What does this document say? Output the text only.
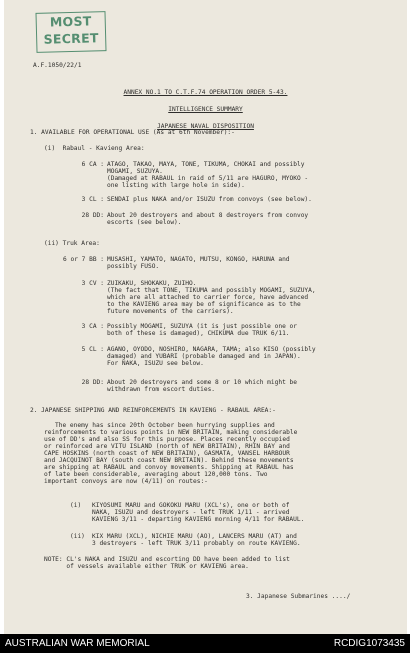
MOST
SECRET
A.F.1050/22/1
ANNEX NO.1 TO C.T.F.74 OPERATION ORDER 5-43.
INTELLIGENCE SUMMARY
JAPANESE NAVAL DISPOSITION
1. AVAILABLE FOR OPERATIONAL USE (As at 6th November):-
(i)  Rabaul - Kavieng Area:
6 CA : ATAGO, TAKAO, MAYA, TONE, TIKUMA, CHOKAI and possibly
MOGAMI, SUZUYA.
(Damaged at RABAUL in raid of 5/11 are HAGURO, MYOKO -
one listing with large hole in side).
3 CL : SENDAI plus NAKA and/or ISUZU from convoys (see below).
28 DD: About 20 destroyers and about 8 destroyers from convoy
escorts (see below).
(ii) Truk Area:
6 or 7 BB : MUSASHI, YAMATO, NAGATO, MUTSU, KONGO, HARUNA and
possibly FUSO.
3 CV : ZUIKAKU, SHOKAKU, ZUIHO.
(The fact that TONE, TIKUMA and possibly MOGAMI, SUZUYA,
which are all attached to carrier force, have advanced
to the KAVIENG area may be of significance as to the
future movements of the carriers).
3 CA : Possibly MOGAMI, SUZUYA (it is just possible one or
both of these is damaged), CHIKUMA due TRUK 6/11.
5 CL : AGANO, OYODO, NOSHIRO, NAGARA, TAMA; also KISO (possibly
damaged) and YUBARI (probable damaged and in JAPAN).
For NAKA, ISUZU see below.
28 DD: About 20 destroyers and some 8 or 10 which might be
withdrawn from escort duties.
2. JAPANESE SHIPPING AND REINFORCEMENTS IN KAVIENG - RABAUL AREA:-
The enemy has since 20th October been hurrying supplies and
reinforcements to various points in NEW BRITAIN, making considerable
use of DD's and also SS for this purpose. Places recently occupied
or reinforced are VITU ISLAND (north of NEW BRITAIN), RHIN BAY and
CAPE HOSKINS (north coast of NEW BRITAIN), GASMATA, VANSEL HARBOUR
and JACQUINOT BAY (south coast NEW BRITAIN). Behind these movements
are shipping at RABAUL and convoy movements. Shipping at RABAUL has
of late been considerable, averaging about 120,000 tons. Two
important convoys are now (4/11) on routes:-
(i) KIYOSUMI MARU and GOKOKU MARU (XCL's), one or both of
NAKA, ISUZU and destroyers - left TRUK 1/11 - arrived
KAVIENG 3/11 - departing KAVIENG morning 4/11 for RABAUL.
(ii) KIX MARU (XCL), NICHIE MARU (AO), LANCERS MARU (AT) and
3 destroyers - left TRUK 3/11 probably on route KAVIENG.
NOTE: CL's NAKA and ISUZU and escorting DD have been added to list
of vessels available either TRUK or KAVIENG area.
3. Japanese Submarines ..../
AUSTRALIAN WAR MEMORIAL	RCDIG1073435
